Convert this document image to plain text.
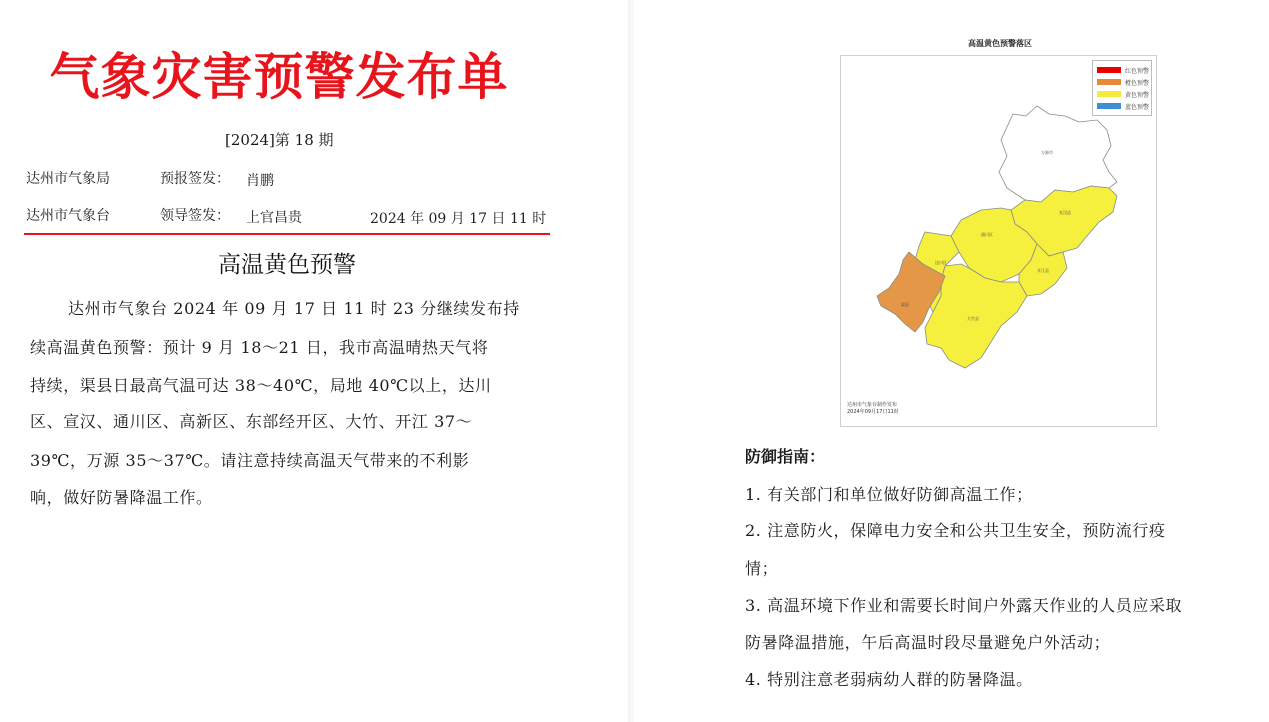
气象灾害预警发布单
[2024]第 18 期
达州市气象局	预报签发： 肖鹏
达州市气象台	领导签发： 上官昌贵	2024 年 09 月 17 日 11 时
高温黄色预警
达州市气象台 2024 年 09 月 17 日 11 时 23 分继续发布持
续高温黄色预警：预计 9 月 18～21 日，我市高温晴热天气将
持续，渠县日最高气温可达 38～40℃，局地 40℃以上，达川
区、宣汉、通川区、高新区、东部经开区、大竹、开江 37～
39℃，万源 35～37℃。请注意持续高温天气带来的不利影
响，做好防暑降温工作。
高温黄色预警落区
万源市
宣汉县
通川区
开江县
大竹县
达川区
渠县
红色预警
橙色预警
黄色预警
蓝色预警
达州市气象台制作发布
2024年09月17日11时
防御指南：
1. 有关部门和单位做好防御高温工作；
2. 注意防火，保障电力安全和公共卫生安全，预防流行疫
情；
3. 高温环境下作业和需要长时间户外露天作业的人员应采取
防暑降温措施，午后高温时段尽量避免户外活动；
4. 特别注意老弱病幼人群的防暑降温。
